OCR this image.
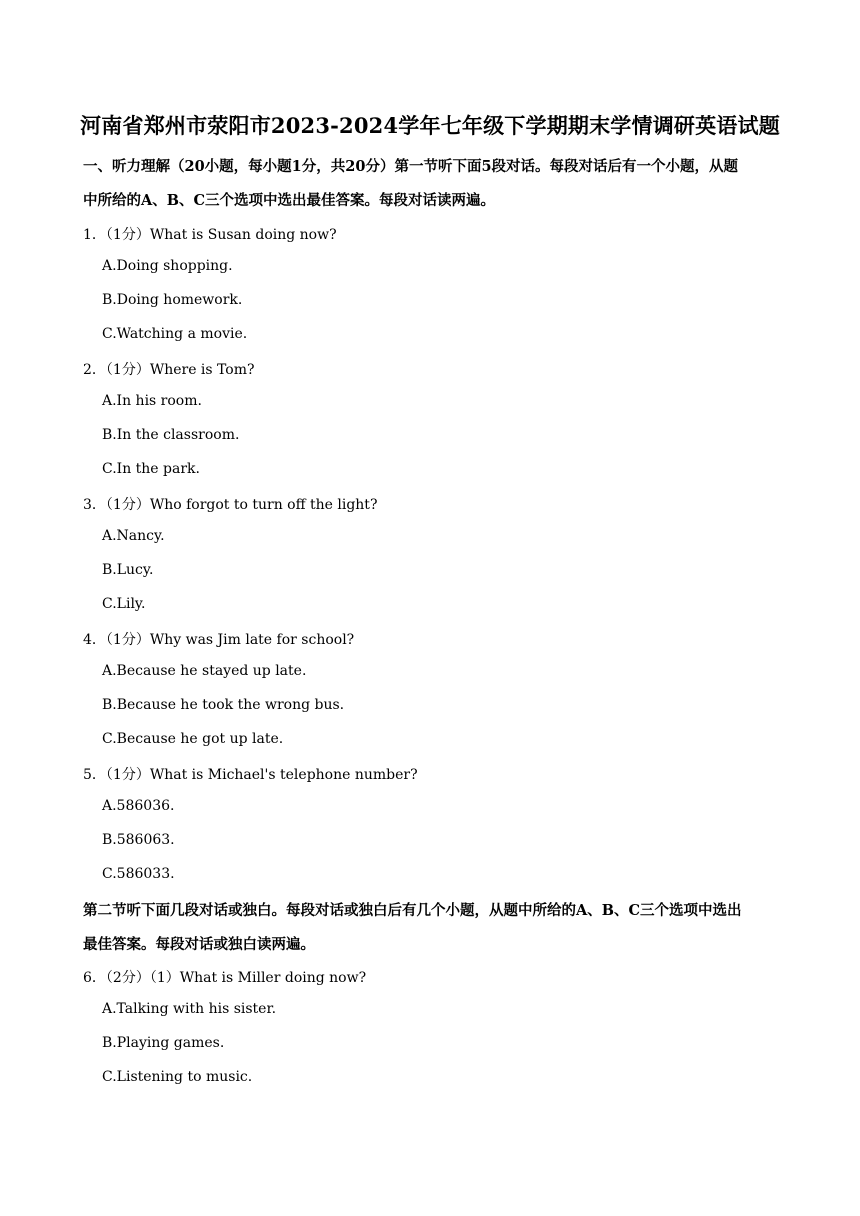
河南省郑州市荥阳市2023-2024学年七年级下学期期末学情调研英语试题
一、听力理解（20小题，每小题1分，共20分）第一节听下面5段对话。每段对话后有一个小题，从题
中所给的A、B、C三个选项中选出最佳答案。每段对话读两遍。
1．（1分）What is Susan doing now?
A.Doing shopping.
B.Doing homework.
C.Watching a movie.
2．（1分）Where is Tom?
A.In his room.
B.In the classroom.
C.In the park.
3．（1分）Who forgot to turn off the light?
A.Nancy.
B.Lucy.
C.Lily.
4．（1分）Why was Jim late for school?
A.Because he stayed up late.
B.Because he took the wrong bus.
C.Because he got up late.
5．（1分）What is Michael's telephone number?
A.586036.
B.586063.
C.586033.
第二节听下面几段对话或独白。每段对话或独白后有几个小题，从题中所给的A、B、C三个选项中选出
最佳答案。每段对话或独白读两遍。
6．（2分）（1）What is Miller doing now?
A.Talking with his sister.
B.Playing games.
C.Listening to music.
